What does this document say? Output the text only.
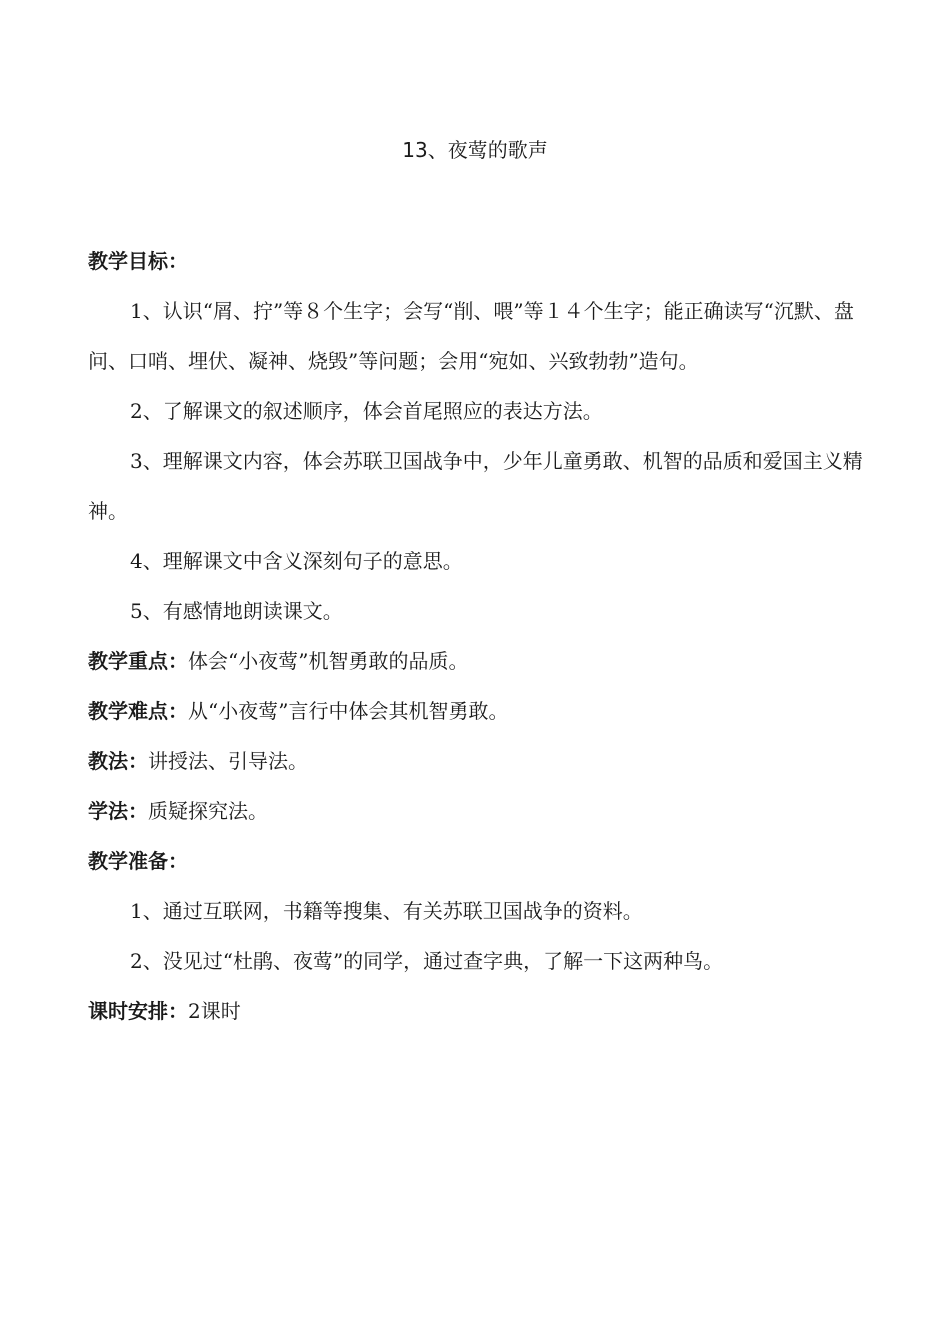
13、夜莺的歌声

教学目标：

1、认识“屑、拧”等８个生字；会写“削、喂”等１４个生字；能正确读写“沉默、盘问、口哨、埋伏、凝神、烧毁”等问题；会用“宛如、兴致勃勃”造句。

2、了解课文的叙述顺序，体会首尾照应的表达方法。

3、理解课文内容，体会苏联卫国战争中，少年儿童勇敢、机智的品质和爱国主义精神。

4、理解课文中含义深刻句子的意思。

5、有感情地朗读课文。

教学重点：体会“小夜莺”机智勇敢的品质。

教学难点：从“小夜莺”言行中体会其机智勇敢。

教法：讲授法、引导法。

学法：质疑探究法。

教学准备：

1、通过互联网，书籍等搜集、有关苏联卫国战争的资料。

2、没见过“杜鹃、夜莺”的同学，通过查字典，了解一下这两种鸟。

课时安排：2课时
